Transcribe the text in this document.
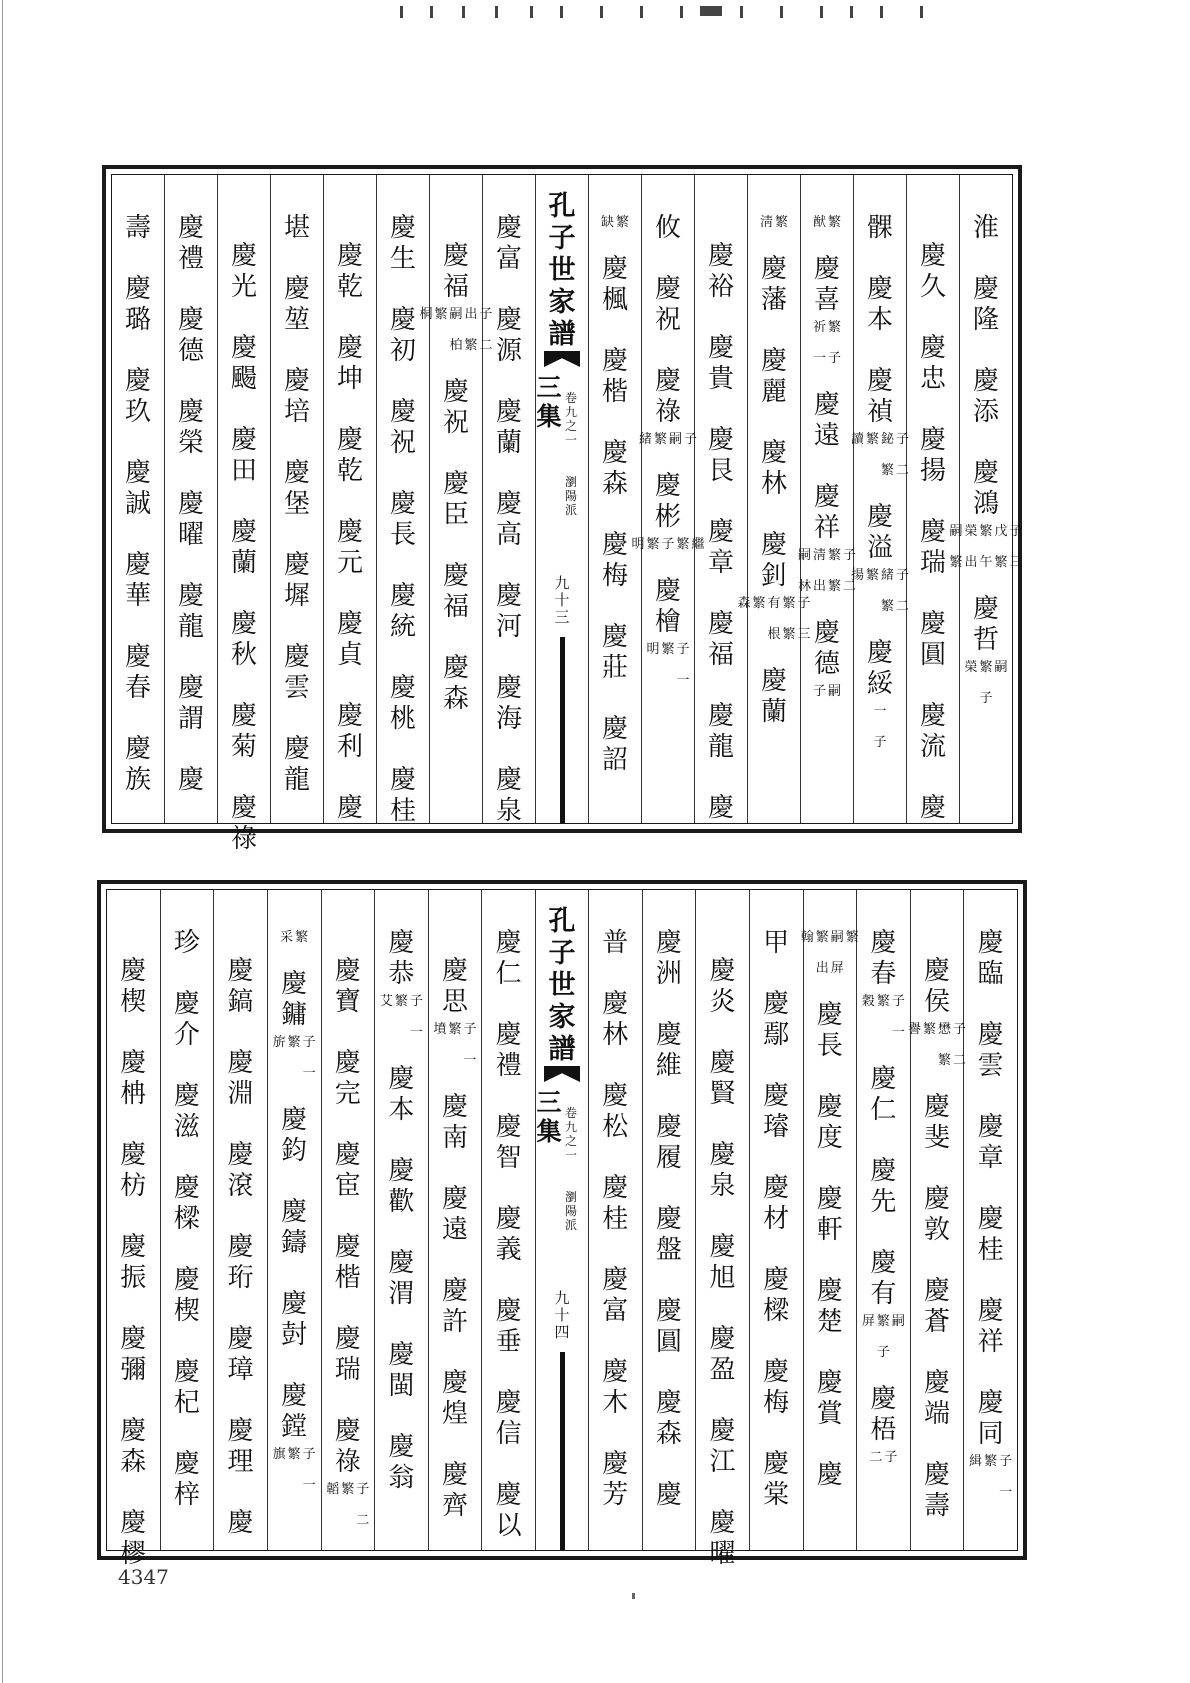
淮
慶
隆
慶
添
慶
鴻
子
三
戊
繁
繁
午
榮
出
嗣
繁
慶
哲
嗣
繁
子
榮
慶
久
慶
忠
慶
揚
慶
瑞
慶
圓
慶
流
慶
髁
慶
本
慶
禎
子
二
鉍
繁
繁
讀
慶
溢
子
二
緒
繁
繁
揚
慶
綏
一
子
繁
猷
慶
喜
繁
子
祈
一
慶
遠
慶
祥
子
二
繁
繁
淸
出
嗣
林
慶
德
嗣
子
繁
淸
慶
藩
慶
麗
慶
林
慶
釗
子
三
繁
繁
有
根
繁
森
慶
蘭
慶
裕
慶
貴
慶
艮
慶
章
慶
福
慶
龍
慶
攸
慶
祝
慶
祿
子
嗣
繁
緒
慶
彬
繼
繁
子
繁
明
慶
檜
子
一
繁
明
繁
缺
慶
楓
慶
楷
慶
森
慶
梅
慶
莊
慶
詔
孔
子
世
家
譜
三
集
卷
九
之
一
瀏
陽
派
九
十
三
慶
富
慶
源
慶
蘭
慶
高
慶
河
慶
海
慶
泉
慶
福
子
二
出
繁
嗣
柏
繁
桐
慶
祝
慶
臣
慶
福
慶
森
慶
生
慶
初
慶
祝
慶
長
慶
統
慶
桃
慶
桂
慶
乾
慶
坤
慶
乾
慶
元
慶
貞
慶
利
慶
堪
慶
堃
慶
培
慶
堡
慶
墀
慶
雲
慶
龍
慶
光
慶
颺
慶
田
慶
蘭
慶
秋
慶
菊
慶
祿
慶
禮
慶
德
慶
榮
慶
曜
慶
龍
慶
謂
慶
壽
慶
璐
慶
玖
慶
誠
慶
華
慶
春
慶
族
慶
臨
慶
雲
慶
章
慶
桂
慶
祥
慶
同
子
一
繁
緝
慶
侯
子
二
懋
繁
繁
譽
慶
斐
慶
敦
慶
蒼
慶
端
慶
壽
慶
春
子
一
繁
穀
慶
仁
慶
先
慶
有
嗣
繁
子
屏
慶
梧
子
二
繁
嗣
屏
繁
出
翰
慶
長
慶
度
慶
軒
慶
楚
慶
賞
慶
甲
慶
鄢
慶
璿
慶
材
慶
樑
慶
梅
慶
棠
慶
炎
慶
賢
慶
泉
慶
旭
慶
盈
慶
江
慶
曜
慶
洲
慶
維
慶
履
慶
盤
慶
圓
慶
森
慶
普
慶
林
慶
松
慶
桂
慶
富
慶
木
慶
芳
孔
子
世
家
譜
三
集
卷
九
之
一
瀏
陽
派
九
十
四
慶
仁
慶
禮
慶
智
慶
義
慶
垂
慶
信
慶
以
慶
思
子
一
繁
墳
慶
南
慶
遠
慶
許
慶
煌
慶
齊
慶
恭
子
一
繁
艾
慶
本
慶
歡
慶
渭
慶
閩
慶
翁
慶
寶
慶
完
慶
宦
慶
楷
慶
瑞
慶
祿
子
二
繁
韜
繁
采
慶
鏞
子
一
繁
旂
慶
鈞
慶
鑄
慶
尌
慶
鏜
子
一
繁
旗
慶
鎬
慶
淵
慶
滾
慶
珩
慶
璋
慶
理
慶
珍
慶
介
慶
滋
慶
樑
慶
楔
慶
杞
慶
梓
慶
楔
慶
柟
慶
枋
慶
振
慶
彌
慶
森
慶
樛
4347
